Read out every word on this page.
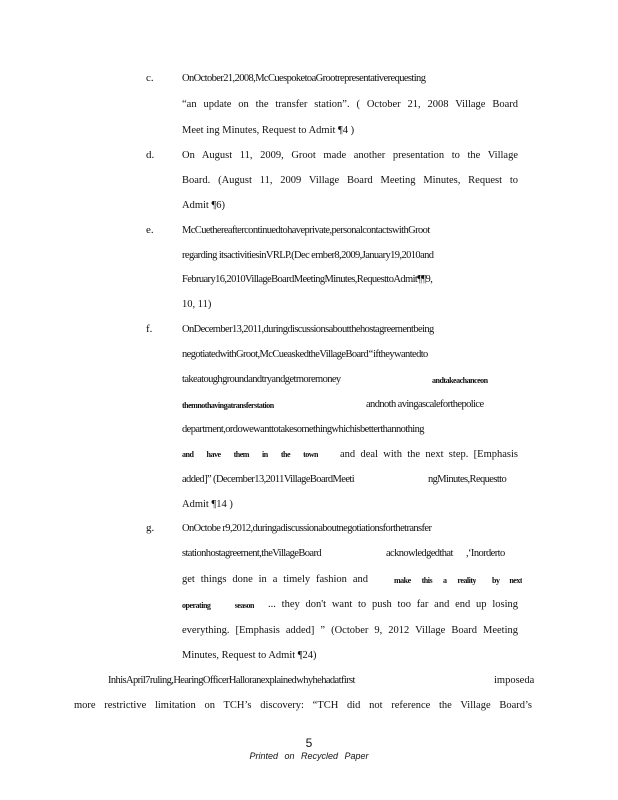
c.	OnOctober21,2008,McCuespoketoaGrootrepresentativerequesting
“an update on the transfer station”. ( October 21, 2008 Village Board
Meet ing Minutes, Request to Admit ¶4 )
d.	On August 11, 2009, Groot made another presentation to the Village
Board. (August 11, 2009 Village Board Meeting Minutes, Request to
Admit ¶6)
e.	McCuethereaftercontinuedtohaveprivate,personalcontactswithGroot
regarding itsactivitiesinVRLP.(Dec ember8,2009,January19,2010and
February16,2010VillageBoardMeetingMinutes,RequesttoAdmit¶¶9,
10, 11)
f.	OnDecember13,2011,duringdiscussionsaboutthehostagreementbeing
negotiatedwithGroot,McCueaskedtheVillageBoard‘‘iftheywantedto
takeatoughgroundandtryandgetmoremoney	andtakeachanceon
themnothavingatransferstation	andnoth avingascaleforthepolice
department,ordowewanttotakesomethingwhichisbetterthannothing
and have them in the town and deal with the next step. [Emphasis
added]” (December13,2011VillageBoardMeeti	ngMinutes,Requestto
Admit ¶14 )
g.	OnOctobe r9,2012,duringadiscussionaboutnegotiationsforthetransfer
stationhostagreement,theVillageBoard	acknowledgedthat	,‘Inorderto
get things done in a timely fashion and	make this a reality by next
operating season ... they don't want to push too far and end up losing
everything. [Emphasis added] ” (October 9, 2012 Village Board Meeting
Minutes, Request to Admit ¶24)
InhisApril7ruling,HearingOfficerHalloranexplainedwhyhehadatfirst	imposeda
more restrictive limitation on TCH’s discovery: “TCH did not reference the Village Board’s
5
Printed on Recycled Paper
